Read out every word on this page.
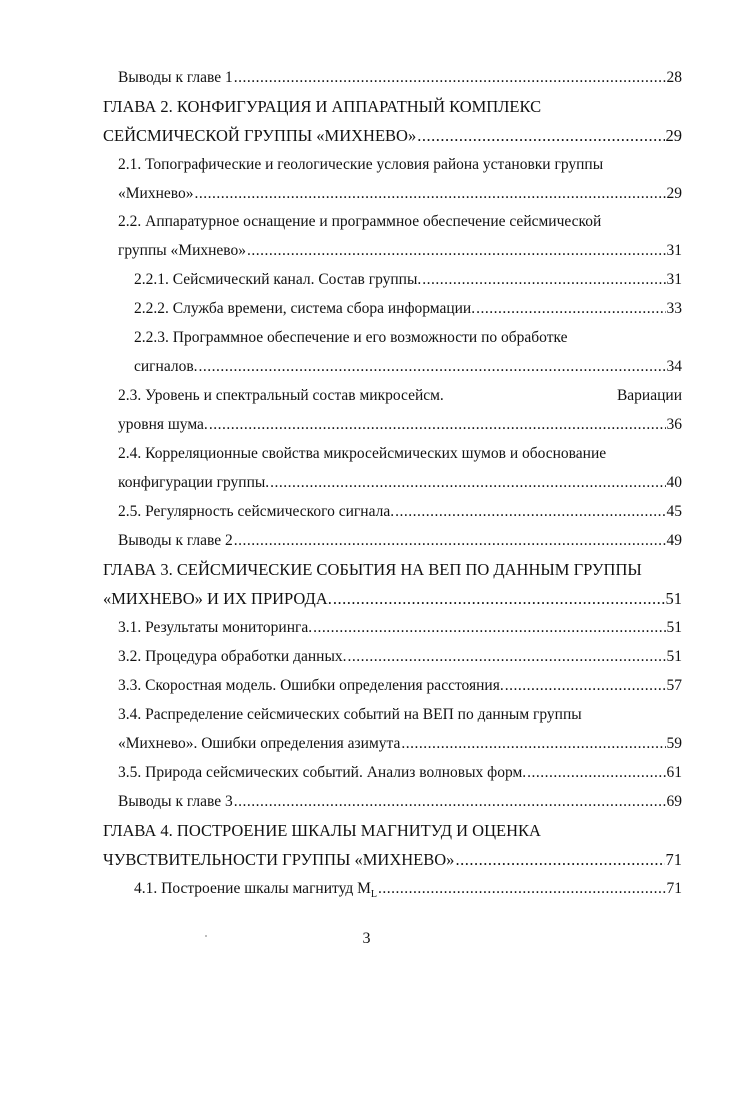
Выводы к главе 1 .....	28
ГЛАВА 2. КОНФИГУРАЦИЯ И АППАРАТНЫЙ КОМПЛЕКС
СЕЙСМИЧЕСКОЙ ГРУППЫ «МИХНЕВО» .....	29
2.1. Топографические и геологические условия района установки группы
«Михнево» .....	29
2.2. Аппаратурное оснащение и программное обеспечение сейсмической
группы «Михнево» .....	31
2.2.1. Сейсмический канал. Состав группы. .....	31
2.2.2. Служба времени, система сбора информации. .....	33
2.2.3. Программное обеспечение и его возможности по обработке
сигналов. .....	34
2.3. Уровень и спектральный состав микросейсм.	Вариации
уровня шума. .....	36
2.4. Корреляционные свойства микросейсмических шумов и обоснование
конфигурации группы. .....	40
2.5. Регулярность сейсмического сигнала. .....	45
Выводы к главе 2 .....	49
ГЛАВА 3. СЕЙСМИЧЕСКИЕ СОБЫТИЯ НА ВЕП ПО ДАННЫМ ГРУППЫ
«МИХНЕВО» И ИХ ПРИРОДА. .....	51
3.1. Результаты мониторинга. .....	51
3.2. Процедура обработки данных. .....	51
3.3. Скоростная модель. Ошибки определения расстояния. .....	57
3.4. Распределение сейсмических событий на ВЕП по данным группы
«Михнево». Ошибки определения азимута .....	59
3.5. Природа сейсмических событий. Анализ волновых форм. .....	61
Выводы к главе 3 .....	69
ГЛАВА 4. ПОСТРОЕНИЕ ШКАЛЫ МАГНИТУД И ОЦЕНКА
ЧУВСТВИТЕЛЬНОСТИ ГРУППЫ «МИХНЕВО» .....	71
4.1. Построение шкалы магнитуд $M_L$ .....	71
3
